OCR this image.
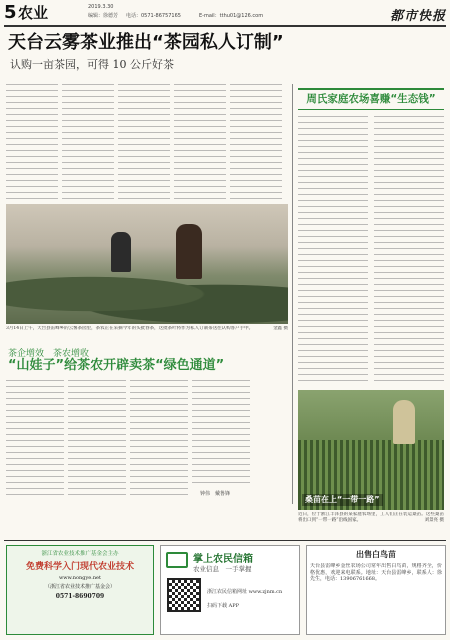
5 农业	2019.3.30
编辑：徐德芳 电话：0571-86757165	E-mail：tthu01@126.com	都市快报
天台云雾茶业推出“茶园私人订制”
认购一亩茶园，可得 10 公斤好茶
3月14日上午，天台县雷峰乡的云雾茶园里，茶农正在采摘今年的头批春茶，这批茶叶将作为私人订制茶送往认购客户手中。	金鑫 摄
茶企增效　茶农增收
“山娃子”给茶农开辟卖茶“绿色通道”
钟伟　戴鲁锋
周氏家庭农场喜赚“生态钱”
桑苗在上“一带一路”
近日，位于浙江丰泽县的某家庭农场里，工人们正在装运桑苗。这些桑苗将出口到“一带一路”沿线国家。	刘景亮 摄
浙江省农业技术推广基金会主办
免费科学入门现代农业技术
www.nongye.net
（浙江省农业技术推广基金会）
0571-8690709
掌上农民信箱
农业信息　一手掌握
浙江农民信箱网址 www.zjnm.cn
扫码下载 APP
出售白鸟苗
天台县雷峰乡金丝农场公司常年出售白鸟苗，规格齐全，价格优惠，欢迎来电联系。地址：天台县雷峰乡，联系人：徐先生，电话：13906761668。
